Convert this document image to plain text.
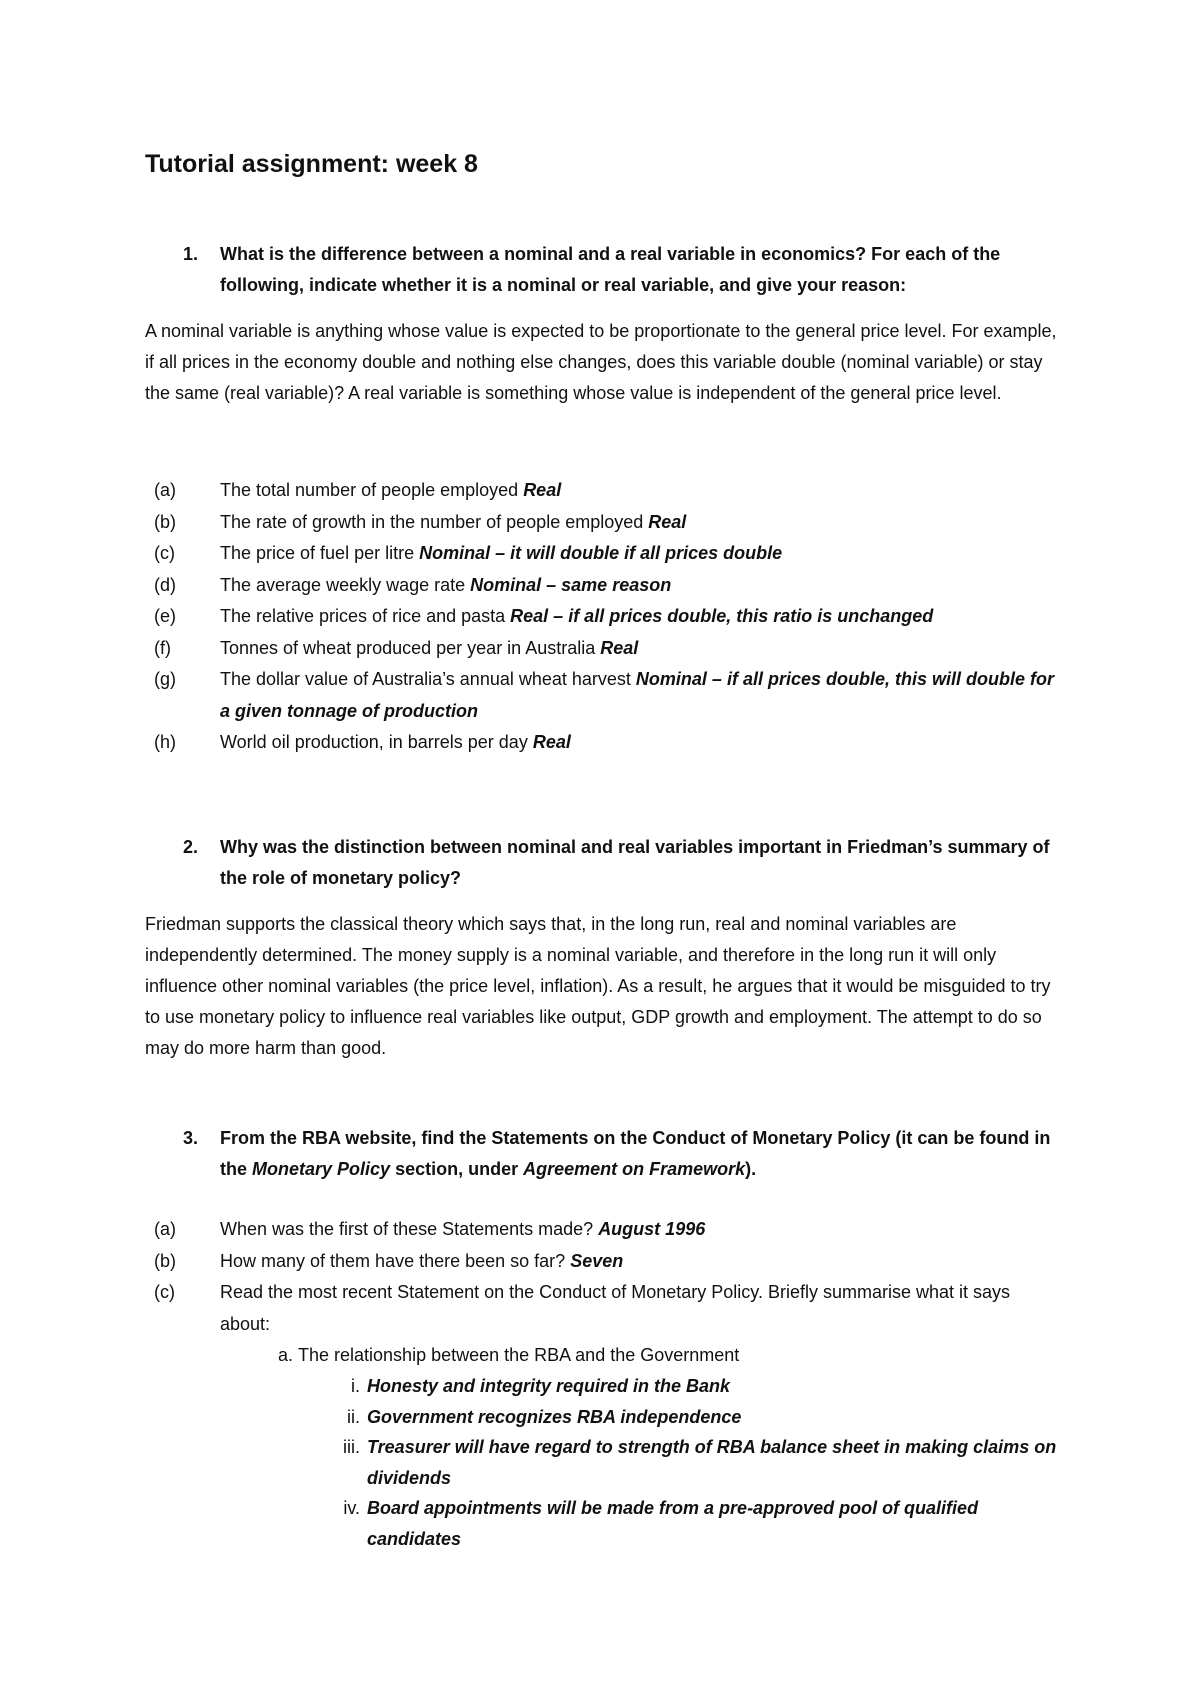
Tutorial assignment: week 8
1. What is the difference between a nominal and a real variable in economics? For each of the following, indicate whether it is a nominal or real variable, and give your reason:

A nominal variable is anything whose value is expected to be proportionate to the general price level. For example, if all prices in the economy double and nothing else changes, does this variable double (nominal variable) or stay the same (real variable)? A real variable is something whose value is independent of the general price level.

(a) The total number of people employed Real
(b) The rate of growth in the number of people employed Real
(c)	The price of fuel per litre Nominal – it will double if all prices double
(d) The average weekly wage rate Nominal – same reason
(e) The relative prices of rice and pasta Real – if all prices double, this ratio is unchanged
(f)	Tonnes of wheat produced per year in Australia Real
(g) The dollar value of Australia’s annual wheat harvest Nominal – if all prices double, this will double for a given tonnage of production
(h) World oil production, in barrels per day Real
2. Why was the distinction between nominal and real variables important in Friedman’s summary of the role of monetary policy?

Friedman supports the classical theory which says that, in the long run, real and nominal variables are independently determined. The money supply is a nominal variable, and therefore in the long run it will only influence other nominal variables (the price level, inflation). As a result, he argues that it would be misguided to try to use monetary policy to influence real variables like output, GDP growth and employment. The attempt to do so may do more harm than good.

3. From the RBA website, find the Statements on the Conduct of Monetary Policy (it can be found in the Monetary Policy section, under Agreement on Framework).
(a) When was the first of these Statements made? August 1996
(b) How many of them have there been so far? Seven
(c)	Read the most recent Statement on the Conduct of Monetary Policy. Briefly summarise what it says about:
a. The relationship between the RBA and the Government
i. Honesty and integrity required in the Bank
ii. Government recognizes RBA independence
iii. Treasurer will have regard to strength of RBA balance sheet in making claims on dividends
iv. Board appointments will be made from a pre-approved pool of qualified candidates
